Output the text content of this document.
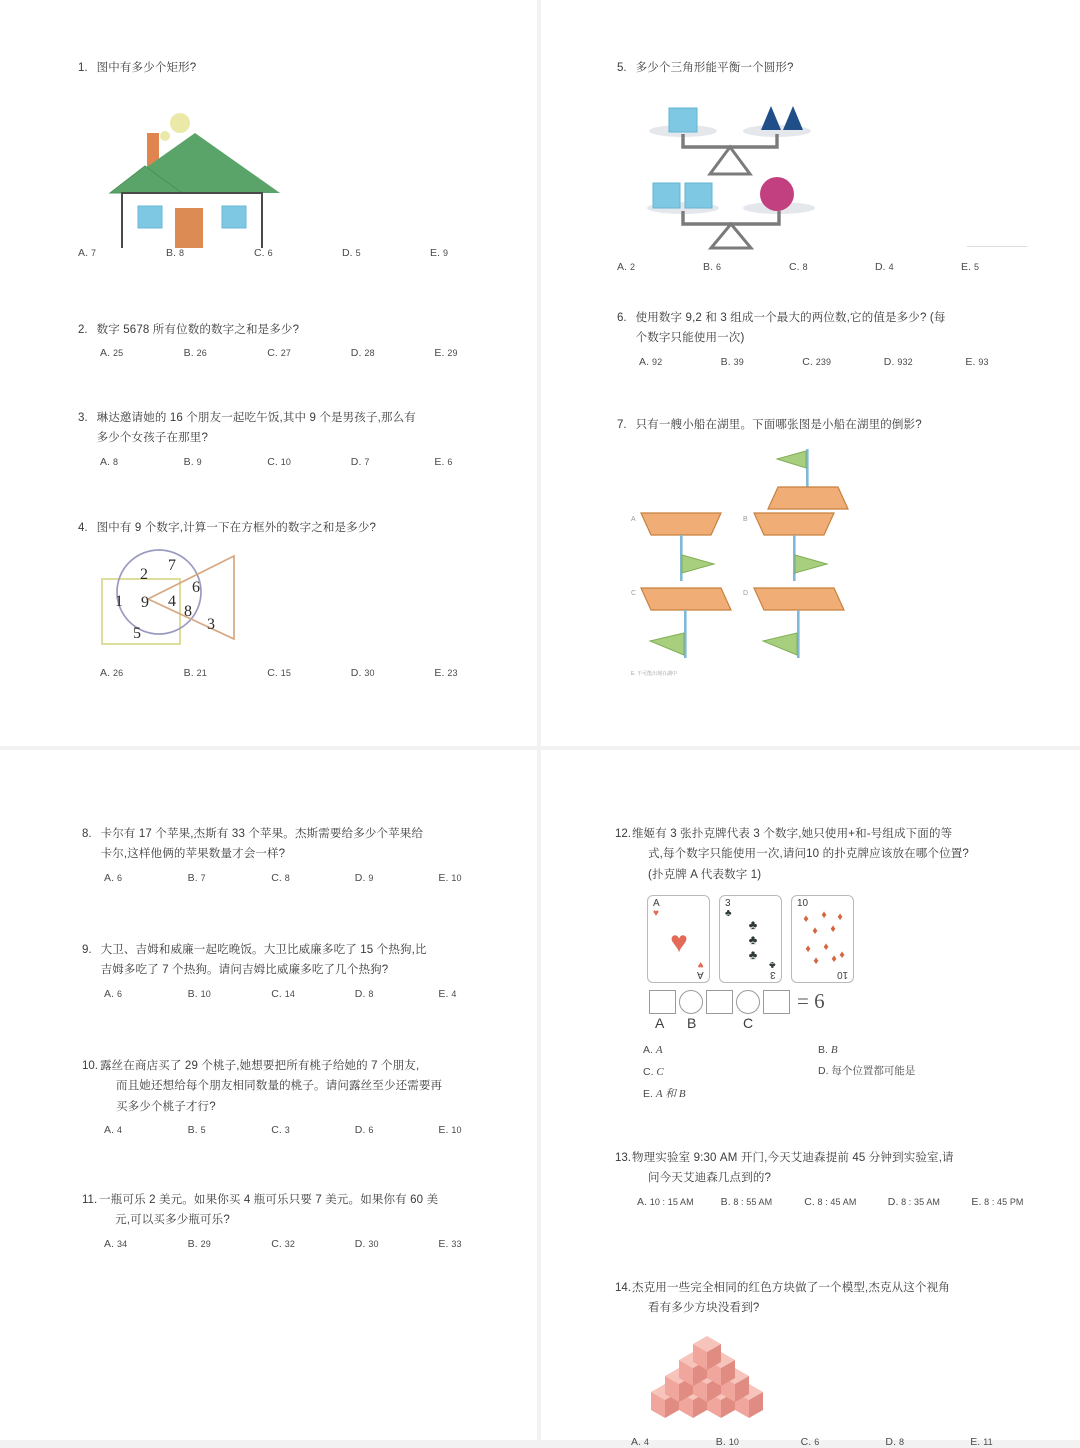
1. 图中有多少个矩形?
A. 7	B. 8	C. 6	D. 5	E. 9
2. 数字 5678 所有位数的数字之和是多少?
A. 25	B. 26	C. 27	D. 28	E. 29
3. 琳达邀请她的 16 个朋友一起吃午饭,其中 9 个是男孩子,那么有
多少个女孩子在那里?
A. 8	B. 9	C. 10	D. 7	E. 6
4. 图中有 9 个数字,计算一下在方框外的数字之和是多少?
1
2
3
4
5
6
7
8
9
A. 26	B. 21	C. 15	D. 30	E. 23
5. 多少个三角形能平衡一个圆形?
A. 2	B. 6	C. 8	D. 4	E. 5
6. 使用数字 9,2 和 3 组成一个最大的两位数,它的值是多少? (每
个数字只能使用一次)
A. 92	B. 39	C. 239	D. 932	E. 93
7. 只有一艘小船在湖里。下面哪张图是小船在湖里的倒影?
A	B
C	D
E. 不可能出现在湖中
8. 卡尔有 17 个苹果,杰斯有 33 个苹果。杰斯需要给多少个苹果给
卡尔,这样他俩的苹果数量才会一样?
A. 6	B. 7	C. 8	D. 9	E. 10
9. 大卫、吉姆和威廉一起吃晚饭。大卫比威廉多吃了 15 个热狗,比
吉姆多吃了 7 个热狗。请问吉姆比威廉多吃了几个热狗?
A. 6	B. 10	C. 14	D. 8	E. 4
10. 露丝在商店买了 29 个桃子,她想要把所有桃子给她的 7 个朋友,
而且她还想给每个朋友相同数量的桃子。请问露丝至少还需要再
买多少个桃子才行?
A. 4	B. 5	C. 3	D. 6	E. 10
11. 一瓶可乐 2 美元。如果你买 4 瓶可乐只要 7 美元。如果你有 60 美
元,可以买多少瓶可乐?
A. 34	B. 29	C. 32	D. 30	E. 33
12. 维姬有 3 张扑克牌代表 3 个数字,她只使用+和-号组成下面的等
式,每个数字只能使用一次,请问10 的扑克牌应该放在哪个位置?
(扑克牌 A 代表数字 1)
A
♥
♥
A
♥
3
♣
♣
♣
♣
3
♣
10
♦ ♦ ♦
♦ ♦
♦ ♦
♦ ♦ ♦
10
= 6
A	B	C
A. A	B. B
C. C	D. 每个位置都可能是
E. A 和 B
13. 物理实验室 9:30 AM 开门,今天艾迪森提前 45 分钟到实验室,请
问今天艾迪森几点到的?
A. 10 : 15 AM	B. 8 : 55 AM	C. 8 : 45 AM	D. 8 : 35 AM	E. 8 : 45 PM
14. 杰克用一些完全相同的红色方块做了一个模型,杰克从这个视角
看有多少方块没看到?
A. 4	B. 10	C. 6	D. 8	E. 11
